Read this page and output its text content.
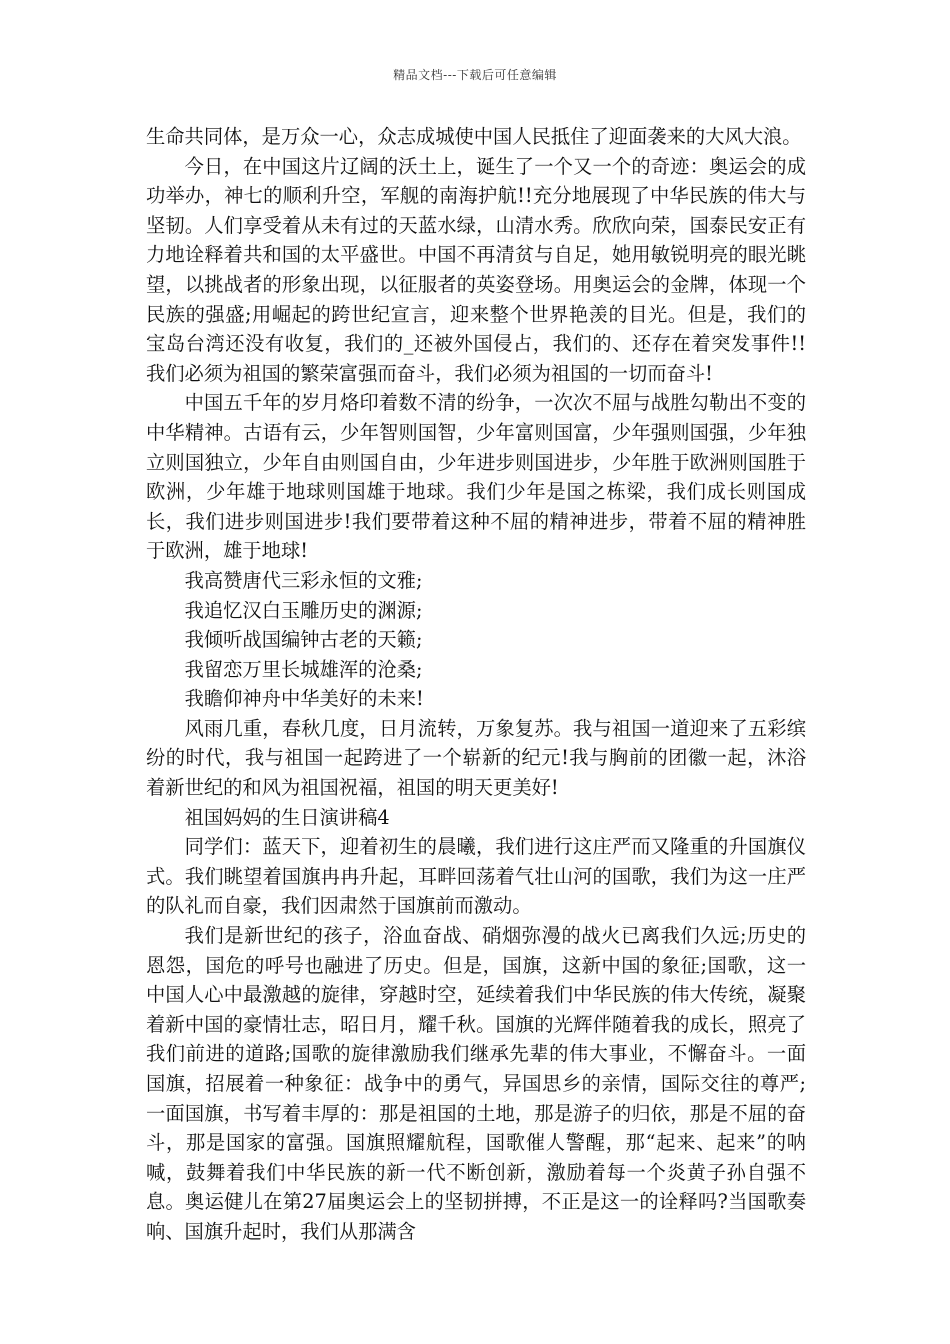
精品文档---下载后可任意编辑

生命共同体，是万众一心，众志成城使中国人民抵住了迎面袭来的大风大浪。

今日，在中国这片辽阔的沃土上，诞生了一个又一个的奇迹：奥运会的成功举办，神七的顺利升空，军舰的南海护航!!充分地展现了中华民族的伟大与坚韧。人们享受着从未有过的天蓝水绿，山清水秀。欣欣向荣，国泰民安正有力地诠释着共和国的太平盛世。中国不再清贫与自足，她用敏锐明亮的眼光眺望，以挑战者的形象出现，以征服者的英姿登场。用奥运会的金牌，体现一个民族的强盛;用崛起的跨世纪宣言，迎来整个世界艳羡的目光。但是，我们的宝岛台湾还没有收复，我们的_还被外国侵占，我们的、还存在着突发事件!!我们必须为祖国的繁荣富强而奋斗，我们必须为祖国的一切而奋斗!

中国五千年的岁月烙印着数不清的纷争，一次次不屈与战胜勾勒出不变的中华精神。古语有云，少年智则国智，少年富则国富，少年强则国强，少年独立则国独立，少年自由则国自由，少年进步则国进步，少年胜于欧洲则国胜于欧洲，少年雄于地球则国雄于地球。我们少年是国之栋梁，我们成长则国成长，我们进步则国进步!我们要带着这种不屈的精神进步，带着不屈的精神胜于欧洲，雄于地球!

我高赞唐代三彩永恒的文雅;

我追忆汉白玉雕历史的渊源;

我倾听战国编钟古老的天籁;

我留恋万里长城雄浑的沧桑;

我瞻仰神舟中华美好的未来!

风雨几重，春秋几度，日月流转，万象复苏。我与祖国一道迎来了五彩缤纷的时代，我与祖国一起跨进了一个崭新的纪元!我与胸前的团徽一起，沐浴着新世纪的和风为祖国祝福，祖国的明天更美好!

祖国妈妈的生日演讲稿4

同学们：蓝天下，迎着初生的晨曦，我们进行这庄严而又隆重的升国旗仪式。我们眺望着国旗冉冉升起，耳畔回荡着气壮山河的国歌，我们为这一庄严的队礼而自豪，我们因肃然于国旗前而激动。

我们是新世纪的孩子，浴血奋战、硝烟弥漫的战火已离我们久远;历史的恩怨，国危的呼号也融进了历史。但是，国旗，这新中国的象征;国歌，这一中国人心中最激越的旋律，穿越时空，延续着我们中华民族的伟大传统，凝聚着新中国的豪情壮志，昭日月，耀千秋。国旗的光辉伴随着我的成长，照亮了我们前进的道路;国歌的旋律激励我们继承先辈的伟大事业，不懈奋斗。一面国旗，招展着一种象征：战争中的勇气，异国思乡的亲情，国际交往的尊严;一面国旗，书写着丰厚的：那是祖国的土地，那是游子的归依，那是不屈的奋斗，那是国家的富强。国旗照耀航程，国歌催人警醒，那“起来、起来”的呐喊，鼓舞着我们中华民族的新一代不断创新，激励着每一个炎黄子孙自强不息。奥运健儿在第27届奥运会上的坚韧拼搏，不正是这一的诠释吗?当国歌奏响、国旗升起时，我们从那满含
